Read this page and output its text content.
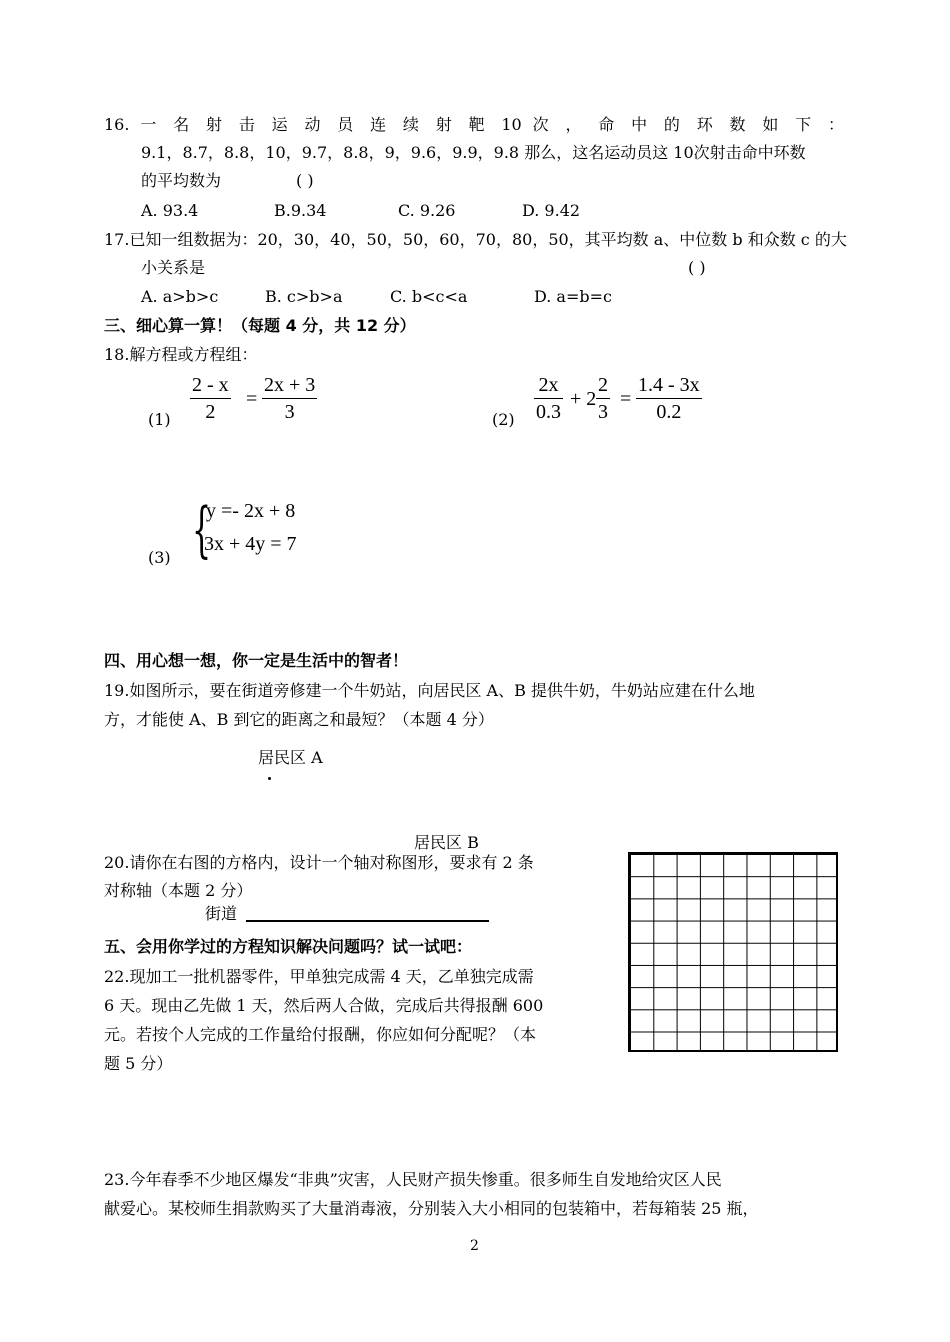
16. 一 名 射 击 运 动 员 连 续 射 靶 10 次 ， 命 中 的 环 数 如 下 ：
9.1，8.7，8.8，10，9.7，8.8，9，9.6，9.9，9.8 那么，这名运动员这 10次射击命中环数
的平均数为	( )
A. 93.4	B.9.34	C. 9.26	D. 9.42
17.已知一组数据为：20，30，40，50，50，60，70，80，50，其平均数 a、中位数 b 和众数 c 的大
小关系是	( )
A. a>b>c	B. c>b>a	C. b<c<a	D. a=b=c
三、细心算一算！（每题 4 分，共 12 分）
18.解方程或方程组：
(1)
2 - x
2
=
2x + 3
3	(2)
2x
0.3
+ 2
2
3
=
1.4 - 3x
0.2
(3) {
y =- 2x + 8
3x + 4y = 7
四、用心想一想，你一定是生活中的智者！
19.如图所示，要在街道旁修建一个牛奶站，向居民区 A、B 提供牛奶，牛奶站应建在什么地
方，才能使 A、B 到它的距离之和最短？（本题 4 分）
居民区 A
居民区 B
20.请你在右图的方格内，设计一个轴对称图形，要求有 2 条
对称轴（本题 2 分）
街道
五、会用你学过的方程知识解决问题吗？试一试吧：
22.现加工一批机器零件，甲单独完成需 4 天，乙单独完成需
6 天。现由乙先做 1 天，然后两人合做，完成后共得报酬 600
元。若按个人完成的工作量给付报酬，你应如何分配呢？（本
题 5 分）
23.今年春季不少地区爆发“非典”灾害，人民财产损失惨重。很多师生自发地给灾区人民
献爱心。某校师生捐款购买了大量消毒液，分别装入大小相同的包装箱中，若每箱装 25 瓶，
2
